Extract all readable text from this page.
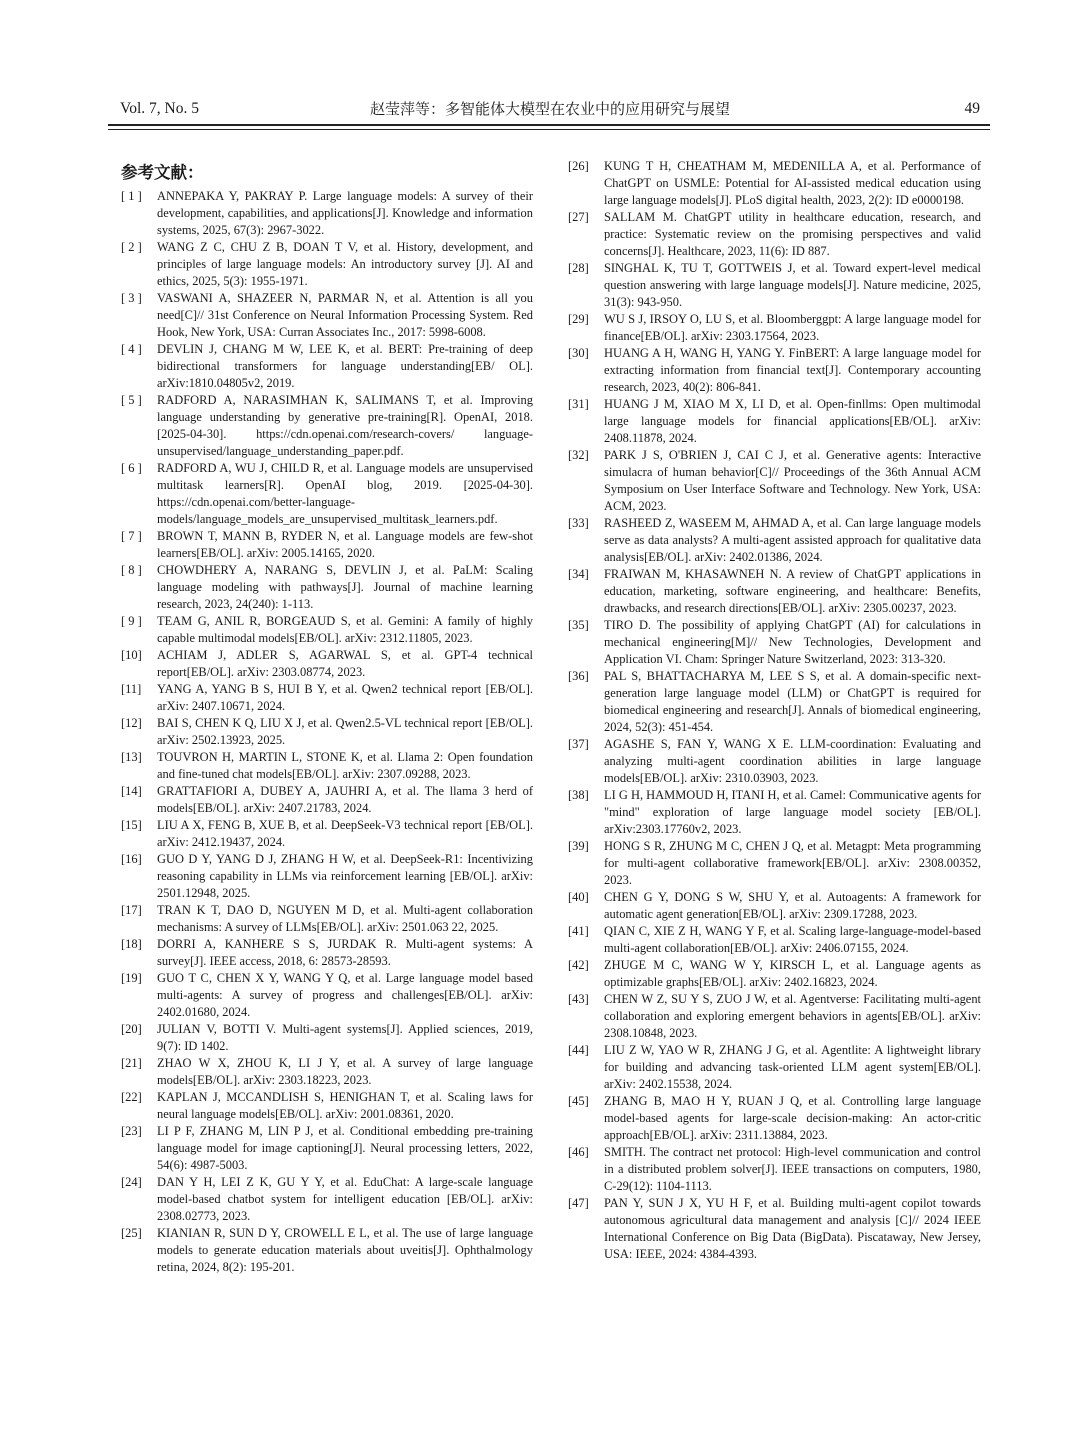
Vol. 7, No. 5	赵莹萍等：多智能体大模型在农业中的应用研究与展望	49
参考文献：
[ 1 ] ANNEPAKA Y, PAKRAY P. Large language models: A survey of their development, capabilities, and applications[J]. Knowledge and information systems, 2025, 67(3): 2967-3022.
[ 2 ] WANG Z C, CHU Z B, DOAN T V, et al. History, development, and principles of large language models: An introductory survey [J]. AI and ethics, 2025, 5(3): 1955-1971.
[ 3 ] VASWANI A, SHAZEER N, PARMAR N, et al. Attention is all you need[C]// 31st Conference on Neural Information Processing System. Red Hook, New York, USA: Curran Associates Inc., 2017: 5998-6008.
[ 4 ] DEVLIN J, CHANG M W, LEE K, et al. BERT: Pre-training of deep bidirectional transformers for language understanding[EB/ OL]. arXiv:1810.04805v2, 2019.
[ 5 ] RADFORD A, NARASIMHAN K, SALIMANS T, et al. Improving language understanding by generative pre-training[R]. OpenAI, 2018. [2025-04-30]. https://cdn.openai.com/research-covers/ language-unsupervised/language_understanding_paper.pdf.
[ 6 ] RADFORD A, WU J, CHILD R, et al. Language models are unsupervised multitask learners[R]. OpenAI blog, 2019. [2025-04-30]. https://cdn.openai.com/better-language-models/language_models_are_unsupervised_multitask_learners.pdf.
[ 7 ] BROWN T, MANN B, RYDER N, et al. Language models are few-shot learners[EB/OL]. arXiv: 2005.14165, 2020.
[ 8 ] CHOWDHERY A, NARANG S, DEVLIN J, et al. PaLM: Scaling language modeling with pathways[J]. Journal of machine learning research, 2023, 24(240): 1-113.
[ 9 ] TEAM G, ANIL R, BORGEAUD S, et al. Gemini: A family of highly capable multimodal models[EB/OL]. arXiv: 2312.11805, 2023.
[10] ACHIAM J, ADLER S, AGARWAL S, et al. GPT-4 technical report[EB/OL]. arXiv: 2303.08774, 2023.
[11] YANG A, YANG B S, HUI B Y, et al. Qwen2 technical report [EB/OL]. arXiv: 2407.10671, 2024.
[12] BAI S, CHEN K Q, LIU X J, et al. Qwen2.5-VL technical report [EB/OL]. arXiv: 2502.13923, 2025.
[13] TOUVRON H, MARTIN L, STONE K, et al. Llama 2: Open foundation and fine-tuned chat models[EB/OL]. arXiv: 2307.09288, 2023.
[14] GRATTAFIORI A, DUBEY A, JAUHRI A, et al. The llama 3 herd of models[EB/OL]. arXiv: 2407.21783, 2024.
[15] LIU A X, FENG B, XUE B, et al. DeepSeek-V3 technical report [EB/OL]. arXiv: 2412.19437, 2024.
[16] GUO D Y, YANG D J, ZHANG H W, et al. DeepSeek-R1: Incentivizing reasoning capability in LLMs via reinforcement learning [EB/OL]. arXiv: 2501.12948, 2025.
[17] TRAN K T, DAO D, NGUYEN M D, et al. Multi-agent collaboration mechanisms: A survey of LLMs[EB/OL]. arXiv: 2501.063 22, 2025.
[18] DORRI A, KANHERE S S, JURDAK R. Multi-agent systems: A survey[J]. IEEE access, 2018, 6: 28573-28593.
[19] GUO T C, CHEN X Y, WANG Y Q, et al. Large language model based multi-agents: A survey of progress and challenges[EB/OL]. arXiv: 2402.01680, 2024.
[20] JULIAN V, BOTTI V. Multi-agent systems[J]. Applied sciences, 2019, 9(7): ID 1402.
[21] ZHAO W X, ZHOU K, LI J Y, et al. A survey of large language models[EB/OL]. arXiv: 2303.18223, 2023.
[22] KAPLAN J, MCCANDLISH S, HENIGHAN T, et al. Scaling laws for neural language models[EB/OL]. arXiv: 2001.08361, 2020.
[23] LI P F, ZHANG M, LIN P J, et al. Conditional embedding pre-training language model for image captioning[J]. Neural processing letters, 2022, 54(6): 4987-5003.
[24] DAN Y H, LEI Z K, GU Y Y, et al. EduChat: A large-scale language model-based chatbot system for intelligent education [EB/OL]. arXiv: 2308.02773, 2023.
[25] KIANIAN R, SUN D Y, CROWELL E L, et al. The use of large language models to generate education materials about uveitis[J]. Ophthalmology retina, 2024, 8(2): 195-201.
[26] KUNG T H, CHEATHAM M, MEDENILLA A, et al. Performance of ChatGPT on USMLE: Potential for AI-assisted medical education using large language models[J]. PLoS digital health, 2023, 2(2): ID e0000198.
[27] SALLAM M. ChatGPT utility in healthcare education, research, and practice: Systematic review on the promising perspectives and valid concerns[J]. Healthcare, 2023, 11(6): ID 887.
[28] SINGHAL K, TU T, GOTTWEIS J, et al. Toward expert-level medical question answering with large language models[J]. Nature medicine, 2025, 31(3): 943-950.
[29] WU S J, IRSOY O, LU S, et al. Bloomberggpt: A large language model for finance[EB/OL]. arXiv: 2303.17564, 2023.
[30] HUANG A H, WANG H, YANG Y. FinBERT: A large language model for extracting information from financial text[J]. Contemporary accounting research, 2023, 40(2): 806-841.
[31] HUANG J M, XIAO M X, LI D, et al. Open-finllms: Open multimodal large language models for financial applications[EB/OL]. arXiv: 2408.11878, 2024.
[32] PARK J S, O'BRIEN J, CAI C J, et al. Generative agents: Interactive simulacra of human behavior[C]// Proceedings of the 36th Annual ACM Symposium on User Interface Software and Technology. New York, USA: ACM, 2023.
[33] RASHEED Z, WASEEM M, AHMAD A, et al. Can large language models serve as data analysts? A multi-agent assisted approach for qualitative data analysis[EB/OL]. arXiv: 2402.01386, 2024.
[34] FRAIWAN M, KHASAWNEH N. A review of ChatGPT applications in education, marketing, software engineering, and healthcare: Benefits, drawbacks, and research directions[EB/OL]. arXiv: 2305.00237, 2023.
[35] TIRO D. The possibility of applying ChatGPT (AI) for calculations in mechanical engineering[M]// New Technologies, Development and Application VI. Cham: Springer Nature Switzerland, 2023: 313-320.
[36] PAL S, BHATTACHARYA M, LEE S S, et al. A domain-specific next-generation large language model (LLM) or ChatGPT is required for biomedical engineering and research[J]. Annals of biomedical engineering, 2024, 52(3): 451-454.
[37] AGASHE S, FAN Y, WANG X E. LLM-coordination: Evaluating and analyzing multi-agent coordination abilities in large language models[EB/OL]. arXiv: 2310.03903, 2023.
[38] LI G H, HAMMOUD H, ITANI H, et al. Camel: Communicative agents for "mind" exploration of large language model society [EB/OL]. arXiv:2303.17760v2, 2023.
[39] HONG S R, ZHUNG M C, CHEN J Q, et al. Metagpt: Meta programming for multi-agent collaborative framework[EB/OL]. arXiv: 2308.00352, 2023.
[40] CHEN G Y, DONG S W, SHU Y, et al. Autoagents: A framework for automatic agent generation[EB/OL]. arXiv: 2309.17288, 2023.
[41] QIAN C, XIE Z H, WANG Y F, et al. Scaling large-language-model-based multi-agent collaboration[EB/OL]. arXiv: 2406.07155, 2024.
[42] ZHUGE M C, WANG W Y, KIRSCH L, et al. Language agents as optimizable graphs[EB/OL]. arXiv: 2402.16823, 2024.
[43] CHEN W Z, SU Y S, ZUO J W, et al. Agentverse: Facilitating multi-agent collaboration and exploring emergent behaviors in agents[EB/OL]. arXiv: 2308.10848, 2023.
[44] LIU Z W, YAO W R, ZHANG J G, et al. Agentlite: A lightweight library for building and advancing task-oriented LLM agent system[EB/OL]. arXiv: 2402.15538, 2024.
[45] ZHANG B, MAO H Y, RUAN J Q, et al. Controlling large language model-based agents for large-scale decision-making: An actor-critic approach[EB/OL]. arXiv: 2311.13884, 2023.
[46] SMITH. The contract net protocol: High-level communication and control in a distributed problem solver[J]. IEEE transactions on computers, 1980, C-29(12): 1104-1113.
[47] PAN Y, SUN J X, YU H F, et al. Building multi-agent copilot towards autonomous agricultural data management and analysis [C]// 2024 IEEE International Conference on Big Data (BigData). Piscataway, New Jersey, USA: IEEE, 2024: 4384-4393.
